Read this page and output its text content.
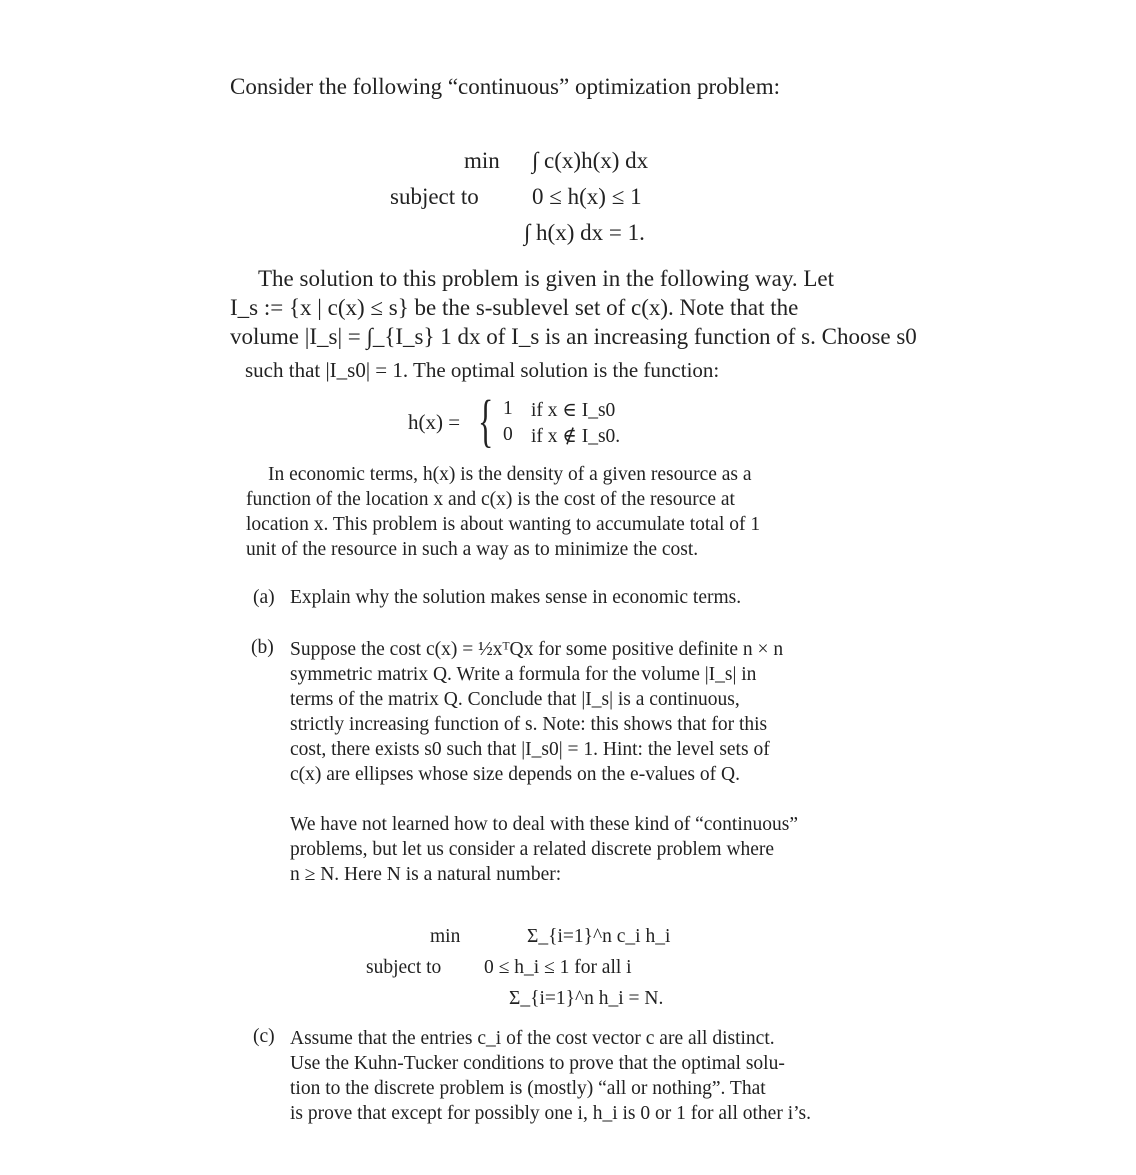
Consider the following “continuous” optimization problem:
min
subject to
∫ c(x)h(x) dx
0 ≤ h(x) ≤ 1
∫ h(x) dx = 1.
The solution to this problem is given in the following way. Let
I_s := {x | c(x) ≤ s} be the s-sublevel set of c(x). Note that the
volume |I_s| = ∫_{I_s} 1 dx of I_s is an increasing function of s. Choose s0
such that |I_s0| = 1. The optimal solution is the function:
h(x) = { 1 if x ∈ I_s0
0 if x ∉ I_s0.
In economic terms, h(x) is the density of a given resource as a
function of the location x and c(x) is the cost of the resource at
location x. This problem is about wanting to accumulate total of 1
unit of the resource in such a way as to minimize the cost.
(a) Explain why the solution makes sense in economic terms.
(b) Suppose the cost c(x) = ½xᵀQx for some positive definite n × n
symmetric matrix Q. Write a formula for the volume |I_s| in
terms of the matrix Q. Conclude that |I_s| is a continuous,
strictly increasing function of s. Note: this shows that for this
cost, there exists s0 such that |I_s0| = 1. Hint: the level sets of
c(x) are ellipses whose size depends on the e-values of Q.
We have not learned how to deal with these kind of “continuous”
problems, but let us consider a related discrete problem where
n ≥ N. Here N is a natural number:
min
subject to
Σ_{i=1}^n c_i h_i
0 ≤ h_i ≤ 1 for all i
Σ_{i=1}^n h_i = N.
(c) Assume that the entries c_i of the cost vector c are all distinct.
Use the Kuhn-Tucker conditions to prove that the optimal solu-
tion to the discrete problem is (mostly) “all or nothing”. That
is prove that except for possibly one i, h_i is 0 or 1 for all other i’s.
